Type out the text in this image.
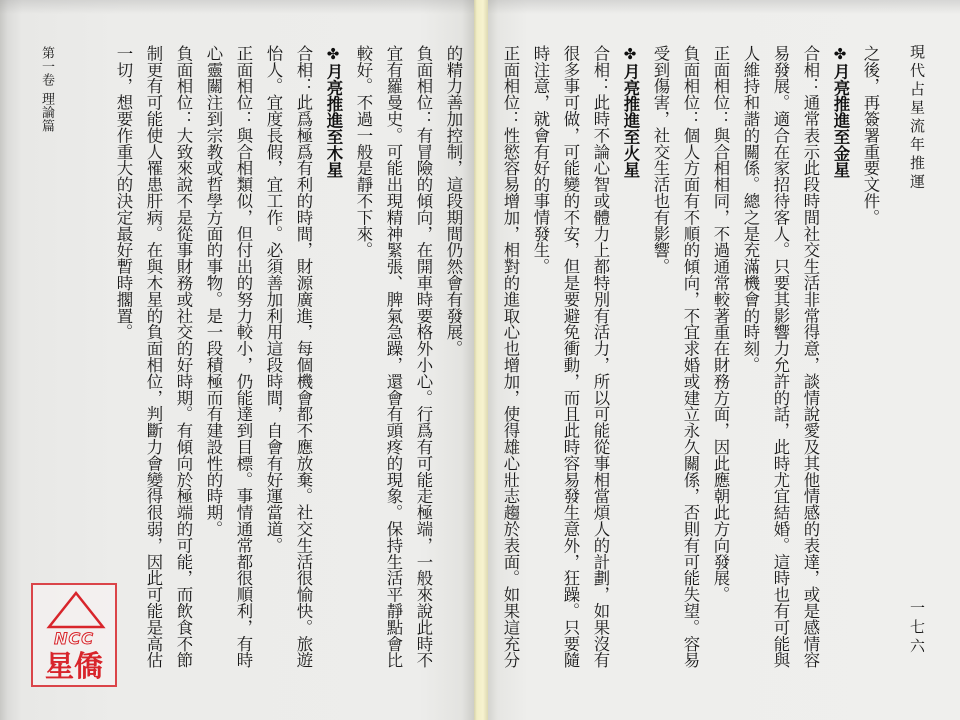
第一卷
理論篇	的精力善加控制，這段期間仍然會有發展。
負面相位：有冒險的傾向，在開車時要格外小心。行爲有可能走極端，一般來說此時不
宜有羅曼史。可能出現精神緊張、脾氣急躁，還會有頭疼的現象。保持生活平靜點會比
較好。不過一般是靜不下來。
✤ 月亮推進至木星
合相：此爲極爲有利的時間，財源廣進，每個機會都不應放棄。社交生活很愉快。旅遊
怡人。宜度長假，宜工作。必須善加利用這段時間，自會有好運當道。
正面相位：與合相類似，但付出的努力較小，仍能達到目標。事情通常都很順利，有時
心靈關注到宗教或哲學方面的事物。是一段積極而有建設性的時期。
負面相位：大致來說不是從事財務或社交的好時期。有傾向於極端的可能，而飲食不節
制更有可能使人罹患肝病。在與木星的負面相位，判斷力會變得很弱，因此可能是高估
一切，想要作重大的決定最好暫時擱置。
NCC
星僑
現代占星流年推運
一七六
之後，再簽署重要文件。
✤ 月亮推進至金星
合相：通常表示此段時間社交生活非常得意，談情說愛及其他情感的表達，或是感情容
易發展。適合在家招待客人。只要其影響力允許的話，此時尤宜結婚。這時也有可能與
人維持和諧的關係。總之是充滿機會的時刻。
正面相位：與合相相同，不過通常較著重在財務方面，因此應朝此方向發展。
負面相位：個人方面有不順的傾向，不宜求婚或建立永久關係，否則有可能失望。容易
受到傷害，社交生活也有影響。
✤ 月亮推進至火星
合相：此時不論心智或體力上都特別有活力，所以可能從事相當煩人的計劃，如果沒有
很多事可做，可能變的不安，但是要避免衝動，而且此時容易發生意外，狂躁。只要隨
時注意，就會有好的事情發生。
正面相位：性慾容易增加，相對的進取心也增加，使得雄心壯志趨於表面。如果這充分
